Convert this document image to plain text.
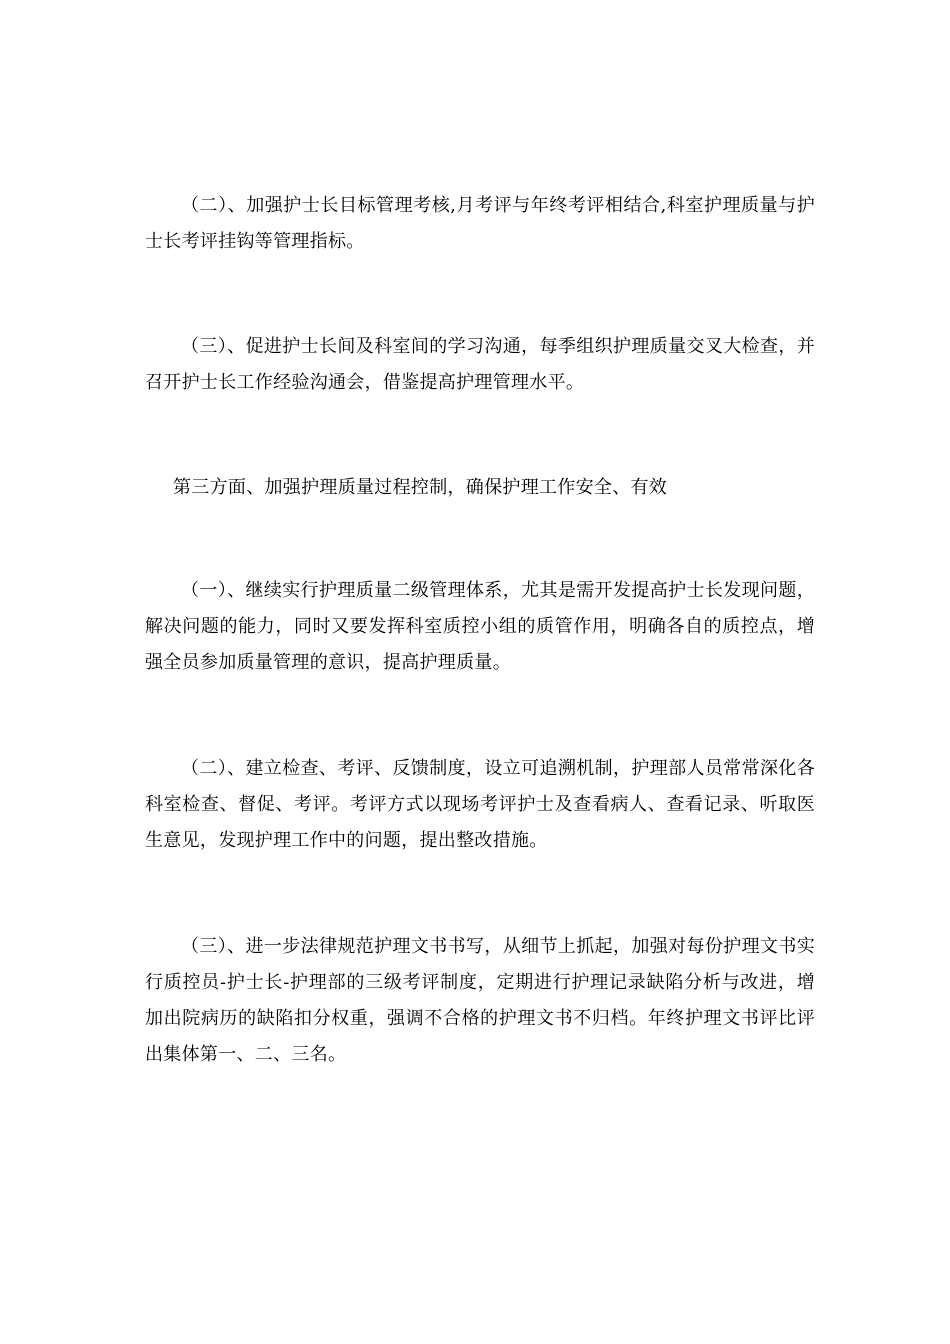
（二）、加强护士长目标管理考核,月考评与年终考评相结合,科室护理质量与护士长考评挂钩等管理指标。

（三）、促进护士长间及科室间的学习沟通，每季组织护理质量交叉大检查，并召开护士长工作经验沟通会，借鉴提高护理管理水平。

第三方面、加强护理质量过程控制，确保护理工作安全、有效

（一）、继续实行护理质量二级管理体系，尤其是需开发提高护士长发现问题，解决问题的能力，同时又要发挥科室质控小组的质管作用，明确各自的质控点，增强全员参加质量管理的意识，提高护理质量。

（二）、建立检查、考评、反馈制度，设立可追溯机制，护理部人员常常深化各科室检查、督促、考评。考评方式以现场考评护士及查看病人、查看记录、听取医生意见，发现护理工作中的问题，提出整改措施。

（三）、进一步法律规范护理文书书写，从细节上抓起，加强对每份护理文书实行质控员-护士长-护理部的三级考评制度，定期进行护理记录缺陷分析与改进，增加出院病历的缺陷扣分权重，强调不合格的护理文书不归档。年终护理文书评比评出集体第一、二、三名。
